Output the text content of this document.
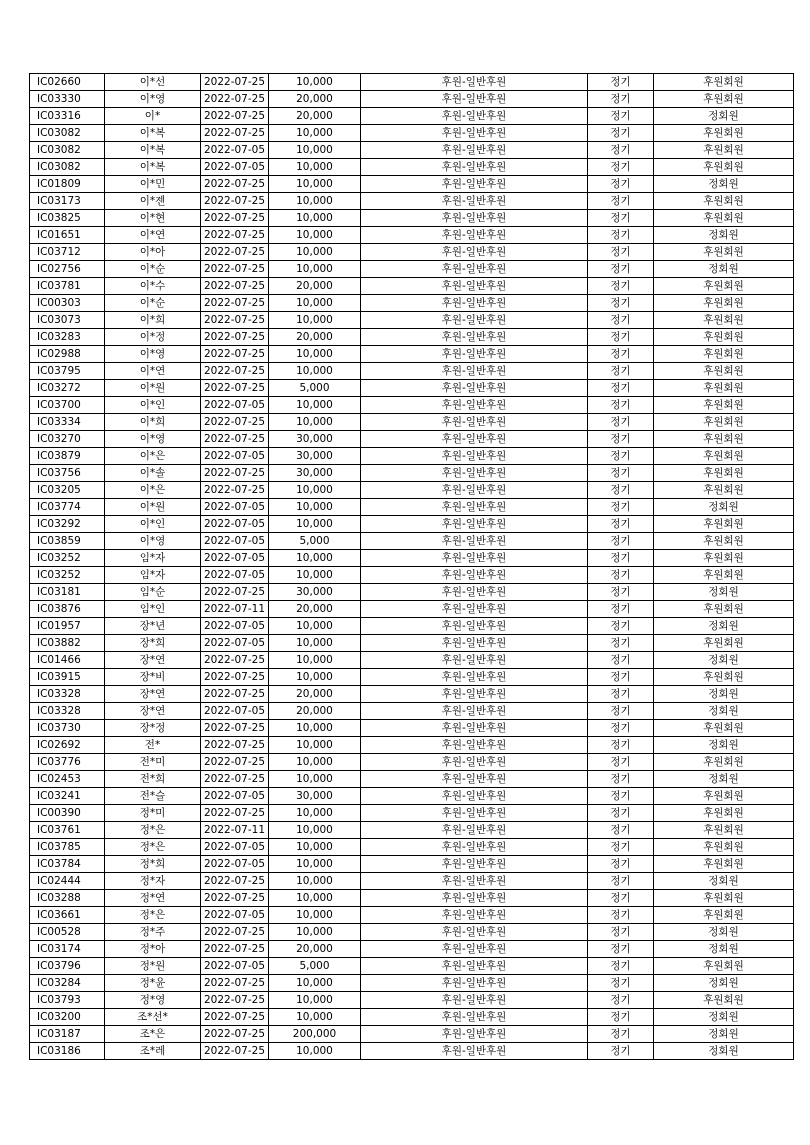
IC02660	이*선	2022-07-25	10,000	후원-일반후원	정기	후원회원
IC03330	이*영	2022-07-25	20,000	후원-일반후원	정기	후원회원
IC03316	이*	2022-07-25	20,000	후원-일반후원	정기	정회원
IC03082	이*복	2022-07-25	10,000	후원-일반후원	정기	후원회원
IC03082	이*복	2022-07-05	10,000	후원-일반후원	정기	후원회원
IC03082	이*복	2022-07-05	10,000	후원-일반후원	정기	후원회원
IC01809	이*민	2022-07-25	10,000	후원-일반후원	정기	정회원
IC03173	이*젠	2022-07-25	10,000	후원-일반후원	정기	후원회원
IC03825	이*현	2022-07-25	10,000	후원-일반후원	정기	후원회원
IC01651	이*연	2022-07-25	10,000	후원-일반후원	정기	정회원
IC03712	이*아	2022-07-25	10,000	후원-일반후원	정기	후원회원
IC02756	이*순	2022-07-25	10,000	후원-일반후원	정기	정회원
IC03781	이*수	2022-07-25	20,000	후원-일반후원	정기	후원회원
IC00303	이*순	2022-07-25	10,000	후원-일반후원	정기	후원회원
IC03073	이*희	2022-07-25	10,000	후원-일반후원	정기	후원회원
IC03283	이*정	2022-07-25	20,000	후원-일반후원	정기	후원회원
IC02988	이*영	2022-07-25	10,000	후원-일반후원	정기	후원회원
IC03795	이*연	2022-07-25	10,000	후원-일반후원	정기	후원회원
IC03272	이*원	2022-07-25	5,000	후원-일반후원	정기	후원회원
IC03700	이*인	2022-07-05	10,000	후원-일반후원	정기	후원회원
IC03334	이*희	2022-07-25	10,000	후원-일반후원	정기	후원회원
IC03270	이*영	2022-07-25	30,000	후원-일반후원	정기	후원회원
IC03879	이*은	2022-07-05	30,000	후원-일반후원	정기	후원회원
IC03756	이*솔	2022-07-25	30,000	후원-일반후원	정기	후원회원
IC03205	이*은	2022-07-25	10,000	후원-일반후원	정기	후원회원
IC03774	이*원	2022-07-05	10,000	후원-일반후원	정기	정회원
IC03292	이*인	2022-07-05	10,000	후원-일반후원	정기	후원회원
IC03859	이*영	2022-07-05	5,000	후원-일반후원	정기	후원회원
IC03252	임*자	2022-07-05	10,000	후원-일반후원	정기	후원회원
IC03252	임*자	2022-07-05	10,000	후원-일반후원	정기	후원회원
IC03181	임*순	2022-07-25	30,000	후원-일반후원	정기	정회원
IC03876	임*인	2022-07-11	20,000	후원-일반후원	정기	후원회원
IC01957	장*년	2022-07-05	10,000	후원-일반후원	정기	정회원
IC03882	장*희	2022-07-05	10,000	후원-일반후원	정기	후원회원
IC01466	장*연	2022-07-25	10,000	후원-일반후원	정기	정회원
IC03915	장*비	2022-07-25	10,000	후원-일반후원	정기	후원회원
IC03328	장*연	2022-07-25	20,000	후원-일반후원	정기	정회원
IC03328	장*연	2022-07-05	20,000	후원-일반후원	정기	정회원
IC03730	장*정	2022-07-25	10,000	후원-일반후원	정기	후원회원
IC02692	전*	2022-07-25	10,000	후원-일반후원	정기	정회원
IC03776	전*미	2022-07-25	10,000	후원-일반후원	정기	후원회원
IC02453	전*희	2022-07-25	10,000	후원-일반후원	정기	정회원
IC03241	전*슬	2022-07-05	30,000	후원-일반후원	정기	후원회원
IC00390	정*미	2022-07-25	10,000	후원-일반후원	정기	후원회원
IC03761	정*은	2022-07-11	10,000	후원-일반후원	정기	후원회원
IC03785	정*은	2022-07-05	10,000	후원-일반후원	정기	후원회원
IC03784	정*희	2022-07-05	10,000	후원-일반후원	정기	후원회원
IC02444	정*자	2022-07-25	10,000	후원-일반후원	정기	정회원
IC03288	정*연	2022-07-25	10,000	후원-일반후원	정기	후원회원
IC03661	정*은	2022-07-05	10,000	후원-일반후원	정기	후원회원
IC00528	정*주	2022-07-25	10,000	후원-일반후원	정기	정회원
IC03174	정*아	2022-07-25	20,000	후원-일반후원	정기	정회원
IC03796	정*원	2022-07-05	5,000	후원-일반후원	정기	후원회원
IC03284	정*윤	2022-07-25	10,000	후원-일반후원	정기	정회원
IC03793	정*영	2022-07-25	10,000	후원-일반후원	정기	후원회원
IC03200	조*선*	2022-07-25	10,000	후원-일반후원	정기	정회원
IC03187	조*은	2022-07-25	200,000	후원-일반후원	정기	정회원
IC03186	조*레	2022-07-25	10,000	후원-일반후원	정기	정회원
